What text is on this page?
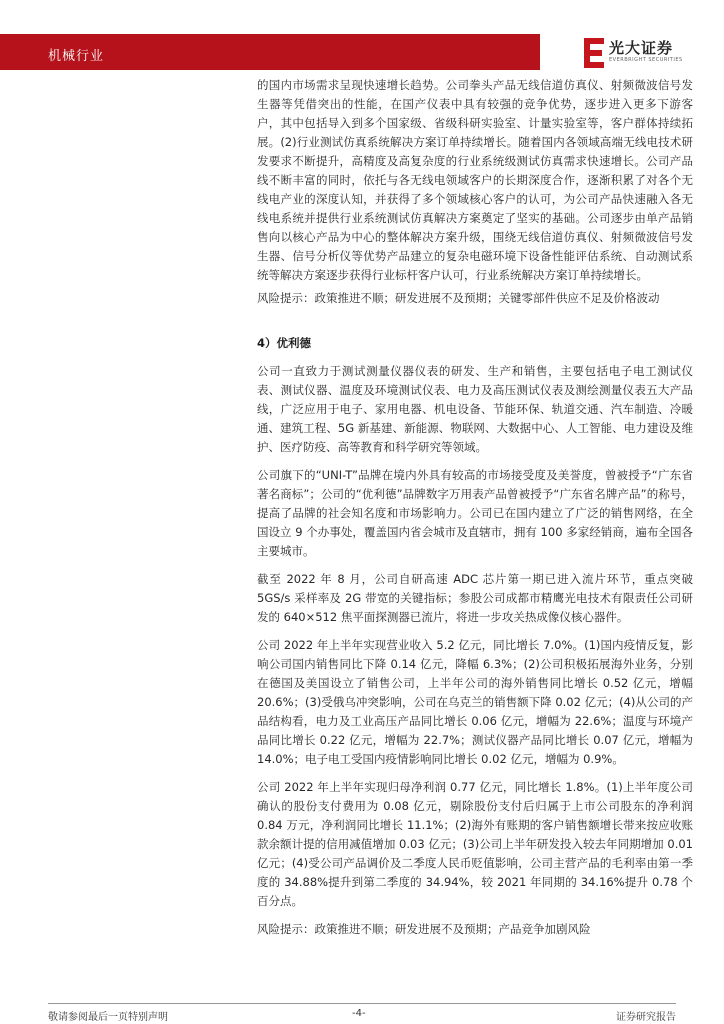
机械行业	光大证券
EVERBRIGHT SECURITIES

的国内市场需求呈现快速增长趋势。公司拳头产品无线信道仿真仪、射频微波信号发生器等凭借突出的性能，在国产仪表中具有较强的竞争优势，逐步进入更多下游客户，其中包括导入到多个国家级、省级科研实验室、计量实验室等，客户群体持续拓展。(2)行业测试仿真系统解决方案订单持续增长。随着国内各领域高端无线电技术研发要求不断提升，高精度及高复杂度的行业系统级测试仿真需求快速增长。公司产品线不断丰富的同时，依托与各无线电领域客户的长期深度合作，逐渐积累了对各个无线电产业的深度认知，并获得了多个领域核心客户的认可，为公司产品快速融入各无线电系统并提供行业系统测试仿真解决方案奠定了坚实的基础。公司逐步由单产品销售向以核心产品为中心的整体解决方案升级，围绕无线信道仿真仪、射频微波信号发生器、信号分析仪等优势产品建立的复杂电磁环境下设备性能评估系统、自动测试系统等解决方案逐步获得行业标杆客户认可，行业系统解决方案订单持续增长。

风险提示：政策推进不顺；研发进展不及预期；关键零部件供应不足及价格波动

4）优利德

公司一直致力于测试测量仪器仪表的研发、生产和销售，主要包括电子电工测试仪表、测试仪器、温度及环境测试仪表、电力及高压测试仪表及测绘测量仪表五大产品线，广泛应用于电子、家用电器、机电设备、节能环保、轨道交通、汽车制造、冷暖通、建筑工程、5G 新基建、新能源、物联网、大数据中心、人工智能、电力建设及维护、医疗防疫、高等教育和科学研究等领域。

公司旗下的“UNI-T”品牌在境内外具有较高的市场接受度及美誉度，曾被授予“广东省著名商标”；公司的“优利德”品牌数字万用表产品曾被授予“广东省名牌产品”的称号，提高了品牌的社会知名度和市场影响力。公司已在国内建立了广泛的销售网络，在全国设立 9 个办事处，覆盖国内省会城市及直辖市，拥有 100 多家经销商，遍布全国各主要城市。

截至 2022 年 8 月，公司自研高速 ADC 芯片第一期已进入流片环节，重点突破 5GS/s 采样率及 2G 带宽的关键指标；参股公司成都市精鹰光电技术有限责任公司研发的 640×512 焦平面探测器已流片，将进一步攻关热成像仪核心器件。

公司 2022 年上半年实现营业收入 5.2 亿元，同比增长 7.0%。(1)国内疫情反复，影响公司国内销售同比下降 0.14 亿元，降幅 6.3%；(2)公司积极拓展海外业务，分别在德国及美国设立了销售公司，上半年公司的海外销售同比增长 0.52 亿元，增幅 20.6%；(3)受俄乌冲突影响，公司在乌克兰的销售额下降 0.02 亿元；(4)从公司的产品结构看，电力及工业高压产品同比增长 0.06 亿元，增幅为 22.6%；温度与环境产品同比增长 0.22 亿元，增幅为 22.7%；测试仪器产品同比增长 0.07 亿元，增幅为 14.0%；电子电工受国内疫情影响同比增长 0.02 亿元，增幅为 0.9%。

公司 2022 年上半年实现归母净利润 0.77 亿元，同比增长 1.8%。(1)上半年度公司确认的股份支付费用为 0.08 亿元，剔除股份支付后归属于上市公司股东的净利润 0.84 万元，净利润同比增长 11.1%；(2)海外有账期的客户销售额增长带来按应收账款余额计提的信用减值增加 0.03 亿元；(3)公司上半年研发投入较去年同期增加 0.01 亿元；(4)受公司产品调价及二季度人民币贬值影响，公司主营产品的毛利率由第一季度的 34.88%提升到第二季度的 34.94%，较 2021 年同期的 34.16%提升 0.78 个百分点。

风险提示：政策推进不顺；研发进展不及预期；产品竞争加剧风险

敬请参阅最后一页特别声明	-4-	证券研究报告
